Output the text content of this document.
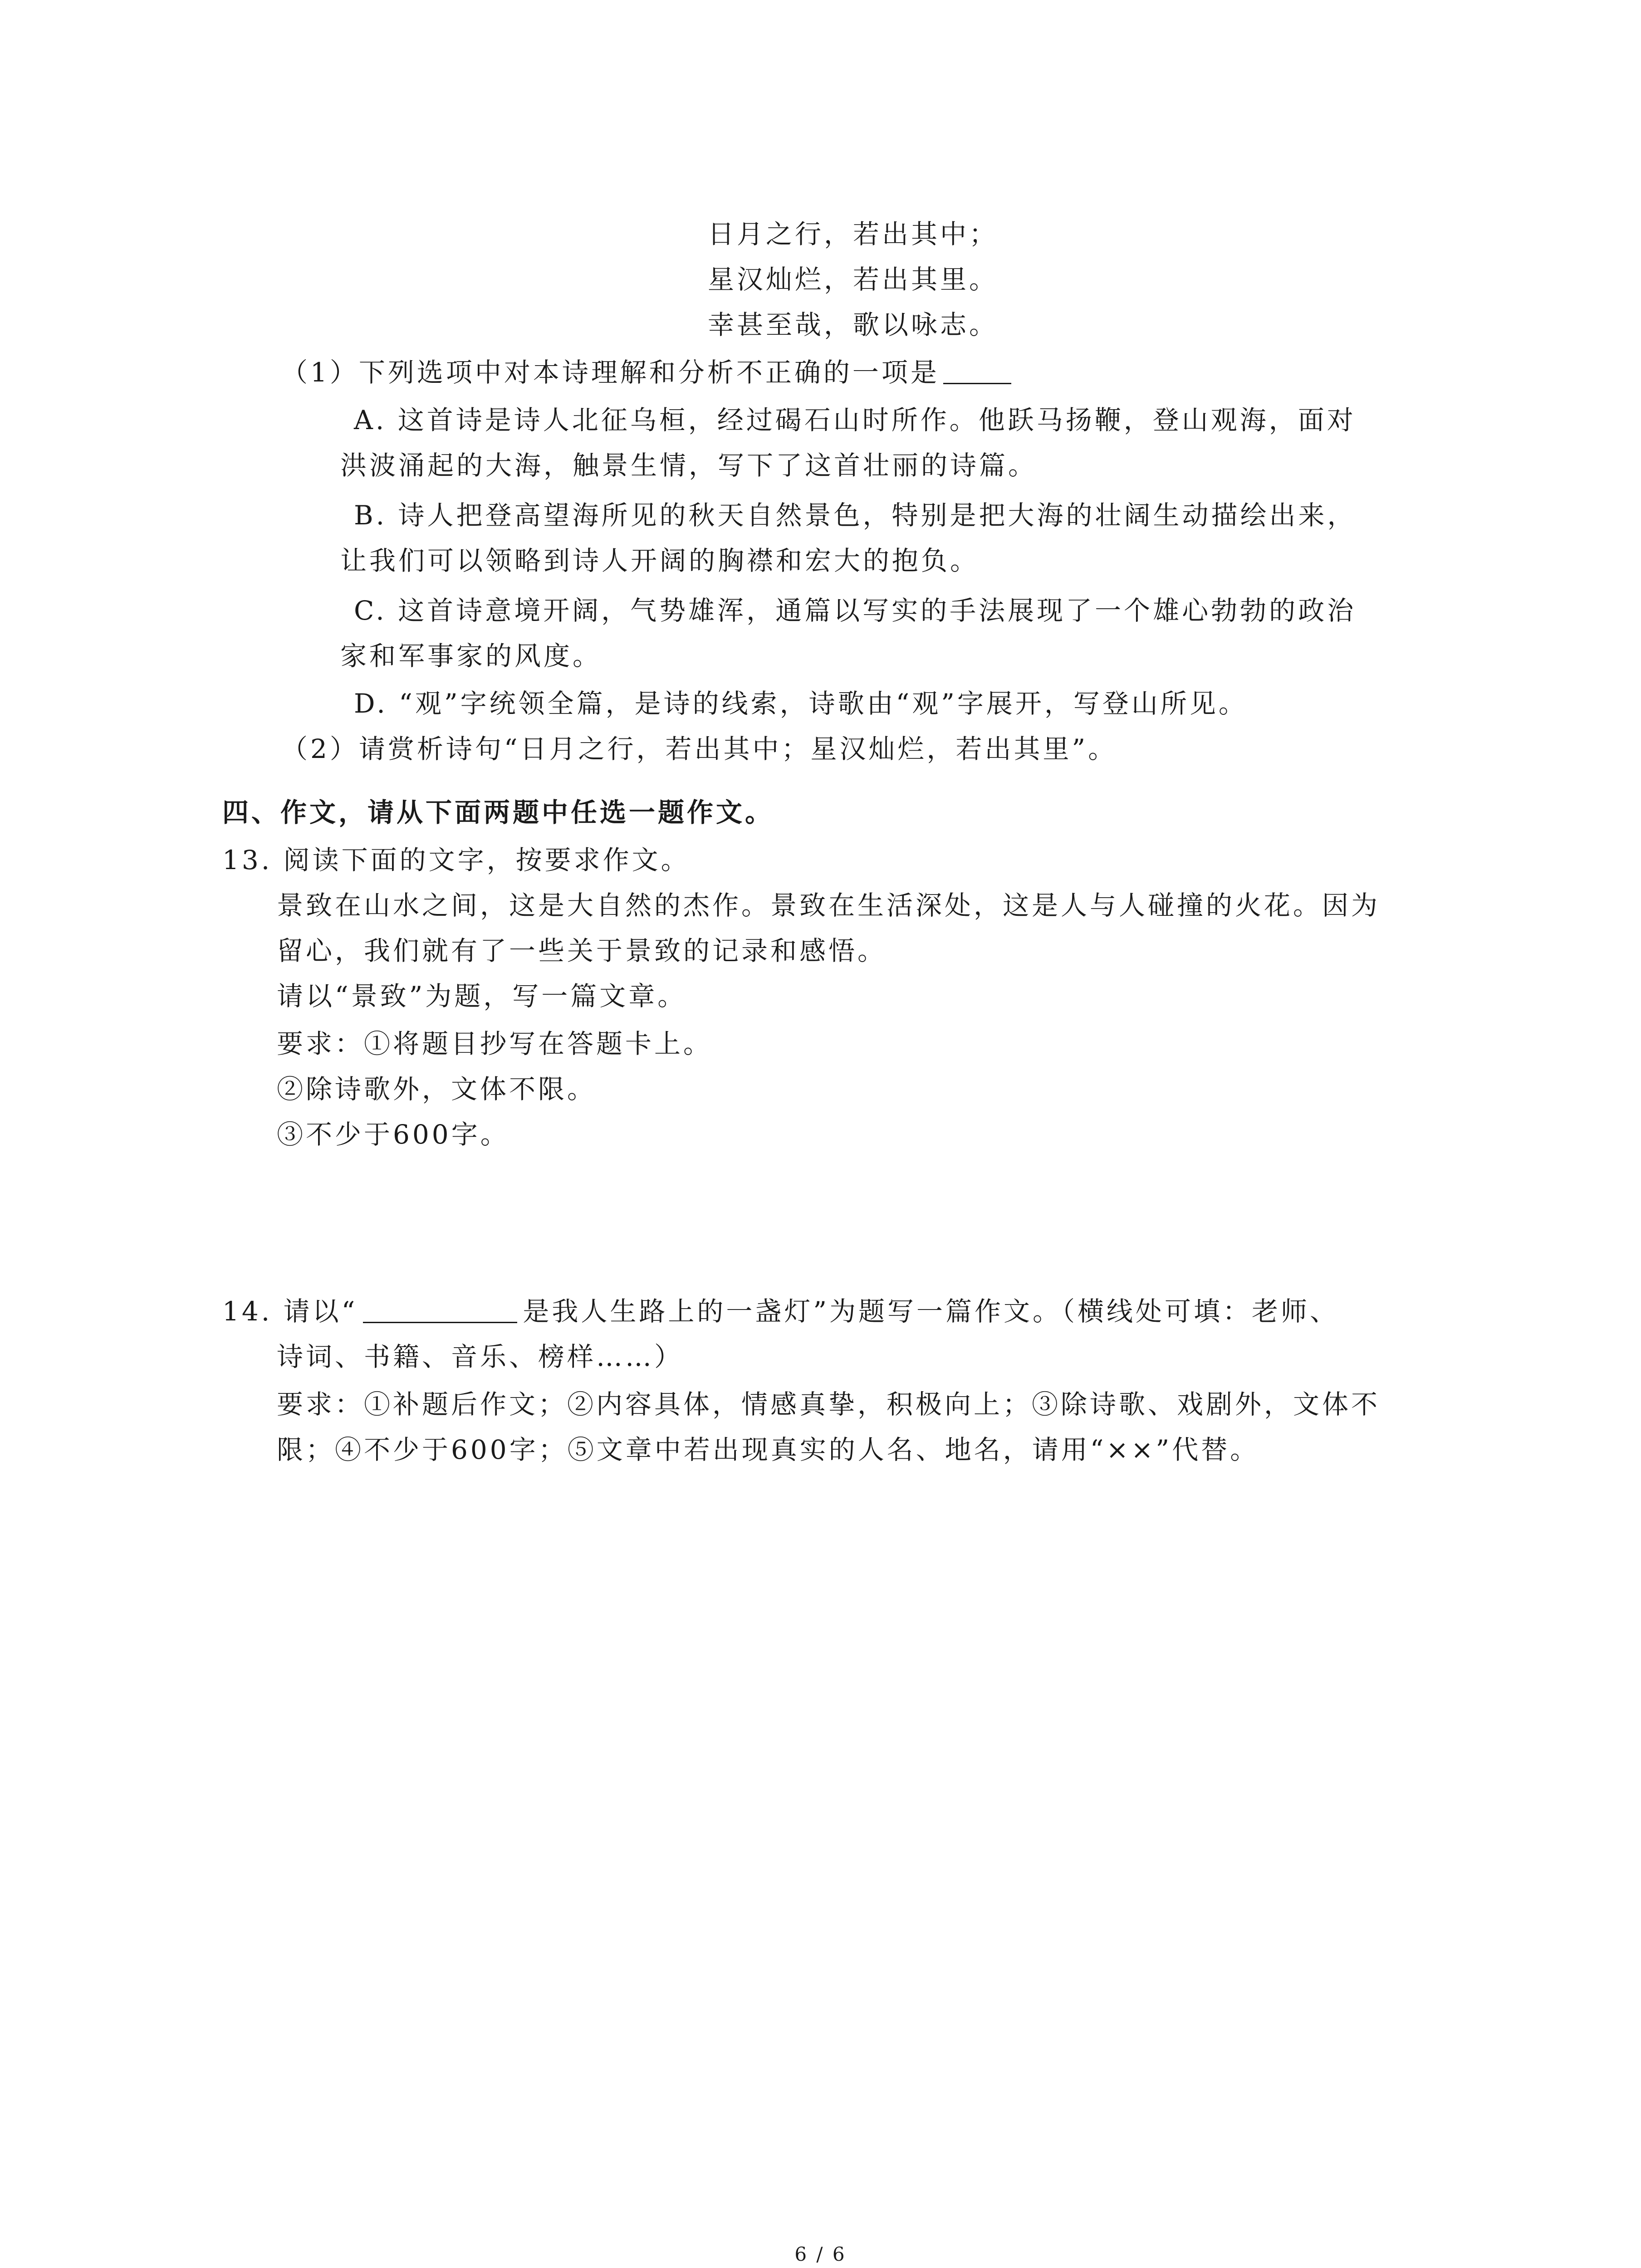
日月之行，若出其中；
星汉灿烂，若出其里。
幸甚至哉，歌以咏志。
（1）下列选项中对本诗理解和分析不正确的一项是
A. 这首诗是诗人北征乌桓，经过碣石山时所作。他跃马扬鞭，登山观海，面对
洪波涌起的大海，触景生情，写下了这首壮丽的诗篇。
B. 诗人把登高望海所见的秋天自然景色，特别是把大海的壮阔生动描绘出来，
让我们可以领略到诗人开阔的胸襟和宏大的抱负。
C. 这首诗意境开阔，气势雄浑，通篇以写实的手法展现了一个雄心勃勃的政治
家和军事家的风度。
D. “观”字统领全篇，是诗的线索，诗歌由“观”字展开，写登山所见。
（2）请赏析诗句“日月之行，若出其中；星汉灿烂，若出其里”。
四、作文，请从下面两题中任选一题作文。
13. 阅读下面的文字，按要求作文。
景致在山水之间，这是大自然的杰作。景致在生活深处，这是人与人碰撞的火花。因为
留心，我们就有了一些关于景致的记录和感悟。
请以“景致”为题，写一篇文章。
要求：①将题目抄写在答题卡上。
②除诗歌外，文体不限。
③不少于600字。
14. 请以“	是我人生路上的一盏灯”为题写一篇作文。（横线处可填：老师、
诗词、书籍、音乐、榜样……）
要求：①补题后作文；②内容具体，情感真挚，积极向上；③除诗歌、戏剧外，文体不
限；④不少于600字；⑤文章中若出现真实的人名、地名，请用“××”代替。
6 / 6
